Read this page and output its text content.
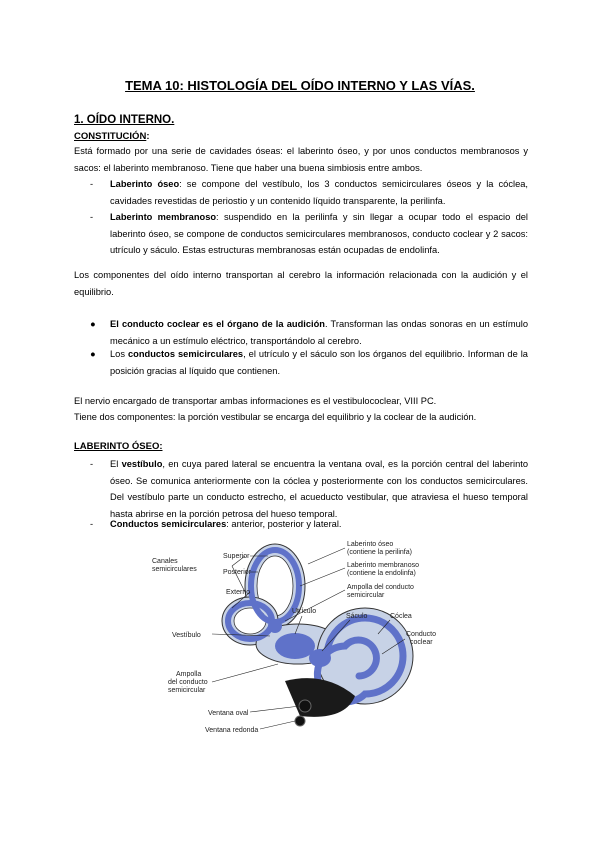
TEMA 10: HISTOLOGÍA DEL OÍDO INTERNO Y LAS VÍAS.
1. OÍDO INTERNO.
CONSTITUCIÓN:
Está formado por una serie de cavidades óseas: el laberinto óseo, y por unos conductos membranosos y sacos: el laberinto membranoso. Tiene que haber una buena simbiosis entre ambos.
-	Laberinto óseo: se compone del vestíbulo, los 3 conductos semicirculares óseos y la cóclea, cavidades revestidas de periostio y un contenido líquido transparente, la perilinfa.
-	Laberinto membranoso: suspendido en la perilinfa y sin llegar a ocupar todo el espacio del laberinto óseo, se compone de conductos semicirculares membranosos, conducto coclear y 2 sacos: utrículo y sáculo. Estas estructuras membranosas están ocupadas de endolinfa.
Los componentes del oído interno transportan al cerebro la información relacionada con la audición y el equilibrio.
●	El conducto coclear es el órgano de la audición. Transforman las ondas sonoras en un estímulo mecánico a un estímulo eléctrico, transportándolo al cerebro.
●	Los conductos semicirculares, el utrículo y el sáculo son los órganos del equilibrio. Informan de la posición gracias al líquido que contienen.
El nervio encargado de transportar ambas informaciones es el vestibulococlear, VIII PC.
Tiene dos componentes: la porción vestibular se encarga del equilibrio y la coclear de la audición.
LABERINTO ÓSEO:
-	El vestíbulo, en cuya pared lateral se encuentra la ventana oval, es la porción central del laberinto óseo. Se comunica anteriormente con la cóclea y posteriormente con los conductos semicirculares. Del vestíbulo parte un conducto estrecho, el acueducto vestibular, que atraviesa el hueso temporal hasta abrirse en la porción petrosa del hueso temporal.
-	Conductos semicirculares: anterior, posterior y lateral.
Canales
semicirculares
Superior
Posterior
Externo
Vestíbulo
Ampolla
del conducto
semicircular
Laberinto óseo
(contiene la perilinfa)
Laberinto membranoso
(contiene la endolinfa)
Ampolla del conducto
semicircular
Utrículo
Sáculo	Cóclea
Conducto
coclear
Ventana oval
Ventana redonda
